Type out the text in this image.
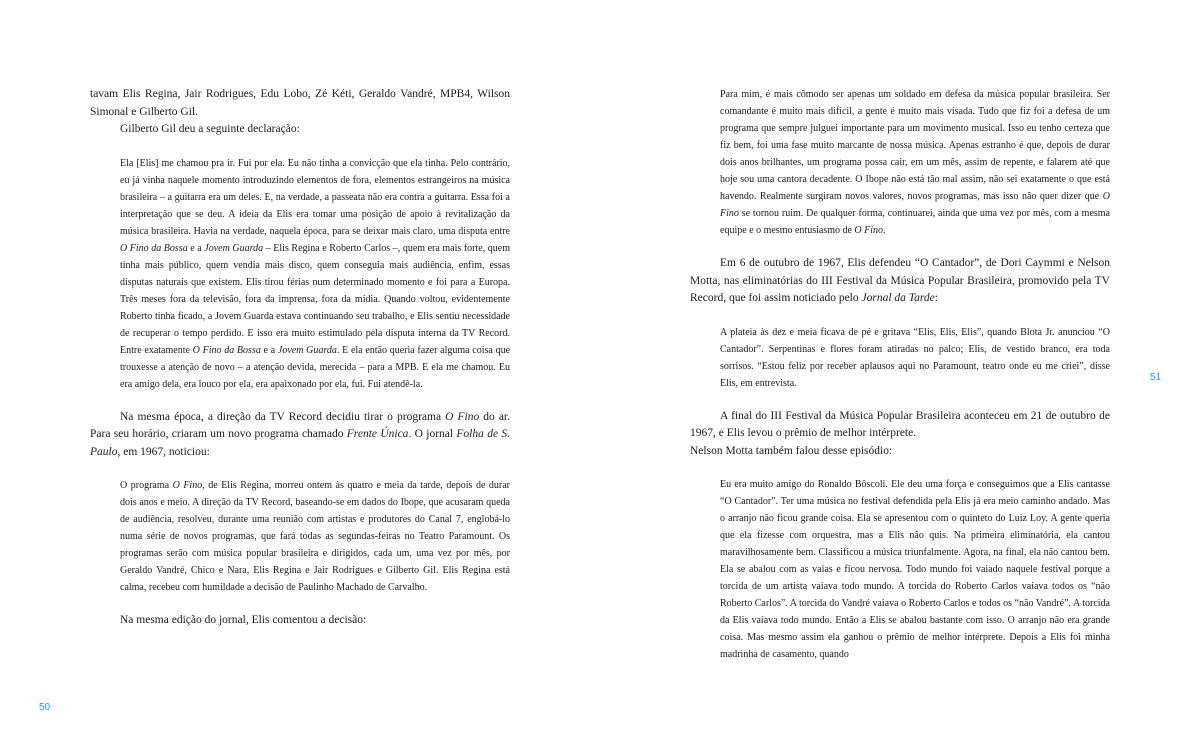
tavam Elis Regina, Jair Rodrigues, Edu Lobo, Zé Kéti, Geraldo Vandré, MPB4, Wilson Simonal e Gilberto Gil.

Gilberto Gil deu a seguinte declaração:

Ela [Elis] me chamou pra ir. Fui por ela. Eu não tinha a convicção que ela tinha. Pelo contrário, eu já vinha naquele momento introduzindo elementos de fora, elementos estrangeiros na música brasileira – a guitarra era um deles. E, na verdade, a passeata não era contra a guitarra. Essa foi a interpretação que se deu. A ideia da Elis era tomar uma posição de apoio à revitalização da música brasileira. Havia na verdade, naquela época, para se deixar mais claro, uma disputa entre O Fino da Bossa e a Jovem Guarda – Elis Regina e Roberto Carlos –, quem era mais forte, quem tinha mais público, quem vendia mais disco, quem conseguia mais audiência, enfim, essas disputas naturais que existem. Elis tirou férias num determinado momento e foi para a Europa. Três meses fora da televisão, fora da imprensa, fora da mídia. Quando voltou, evidentemente Roberto tinha ficado, a Jovem Guarda estava continuando seu trabalho, e Elis sentiu necessidade de recuperar o tempo perdido. E isso era muito estimulado pela disputa interna da TV Record. Entre exatamente O Fino da Bossa e a Jovem Guarda. E ela então queria fazer alguma coisa que trouxesse a atenção de novo – a atenção devida, merecida – para a MPB. E ela me chamou. Eu era amigo dela, era louco por ela, era apaixonado por ela, fui. Fui atendê-la.

Na mesma época, a direção da TV Record decidiu tirar o programa O Fino do ar. Para seu horário, criaram um novo programa chamado Frente Única. O jornal Folha de S. Paulo, em 1967, noticiou:

O programa O Fino, de Elis Regina, morreu ontem às quatro e meia da tarde, depois de durar dois anos e meio. A direção da TV Record, baseando-se em dados do Ibope, que acusaram queda de audiência, resolveu, durante uma reunião com artistas e produtores do Canal 7, englobá-lo numa série de novos programas, que fará todas as segundas-feiras no Teatro Paramount. Os programas serão com música popular brasileira e dirigidos, cada um, uma vez por mês, por Geraldo Vandré, Chico e Nara, Elis Regina e Jair Rodrigues e Gilberto Gil. Elis Regina está calma, recebeu com humildade a decisão de Paulinho Machado de Carvalho.

Na mesma edição do jornal, Elis comentou a decisão:

50

Para mim, é mais cômodo ser apenas um soldado em defesa da música popular brasileira. Ser comandante é muito mais difícil, a gente é muito mais visada. Tudo que fiz foi a defesa de um programa que sempre julguei importante para um movimento musical. Isso eu tenho certeza que fiz bem, foi uma fase muito marcante de nossa música. Apenas estranho é que, depois de durar dois anos brilhantes, um programa possa cair, em um mês, assim de repente, e falarem até que hoje sou uma cantora decadente. O Ibope não está tão mal assim, não sei exatamente o que está havendo. Realmente surgiram novos valores, novos programas, mas isso não quer dizer que O Fino se tornou ruim. De qualquer forma, continuarei, ainda que uma vez por mês, com a mesma equipe e o mesmo entusiasmo de O Fino.

Em 6 de outubro de 1967, Elis defendeu “O Cantador”, de Dori Caymmi e Nelson Motta, nas eliminatórias do III Festival da Música Popular Brasileira, promovido pela TV Record, que foi assim noticiado pelo Jornal da Tarde:

A plateia às dez e meia ficava de pé e gritava “Elis, Elis, Elis”, quando Blota Jr. anunciou “O Cantador”. Serpentinas e flores foram atiradas no palco; Elis, de vestido branco, era toda sorrisos. “Estou feliz por receber aplausos aqui no Paramount, teatro onde eu me criei”, disse Elis, em entrevista.

A final do III Festival da Música Popular Brasileira aconteceu em 21 de outubro de 1967, e Elis levou o prêmio de melhor intérprete.

Nelson Motta também falou desse episódio:

Eu era muito amigo do Ronaldo Bôscoli. Ele deu uma força e conseguimos que a Elis cantasse “O Cantador”. Ter uma música no festival defendida pela Elis já era meio caminho andado. Mas o arranjo não ficou grande coisa. Ela se apresentou com o quinteto do Luiz Loy. A gente queria que ela fizesse com orquestra, mas a Elis não quis. Na primeira eliminatória, ela cantou maravilhosamente bem. Classificou a música triunfalmente. Agora, na final, ela não cantou bem. Ela se abalou com as vaias e ficou nervosa. Todo mundo foi vaiado naquele festival porque a torcida de um artista vaiava todo mundo. A torcida do Roberto Carlos vaiava todos os “não Roberto Carlos”. A torcida do Vandré vaiava o Roberto Carlos e todos os “não Vandré”. A torcida da Elis vaiava todo mundo. Então a Elis se abalou bastante com isso. O arranjo não era grande coisa. Mas mesmo assim ela ganhou o prêmio de melhor intérprete. Depois a Elis foi minha madrinha de casamento, quando

51
